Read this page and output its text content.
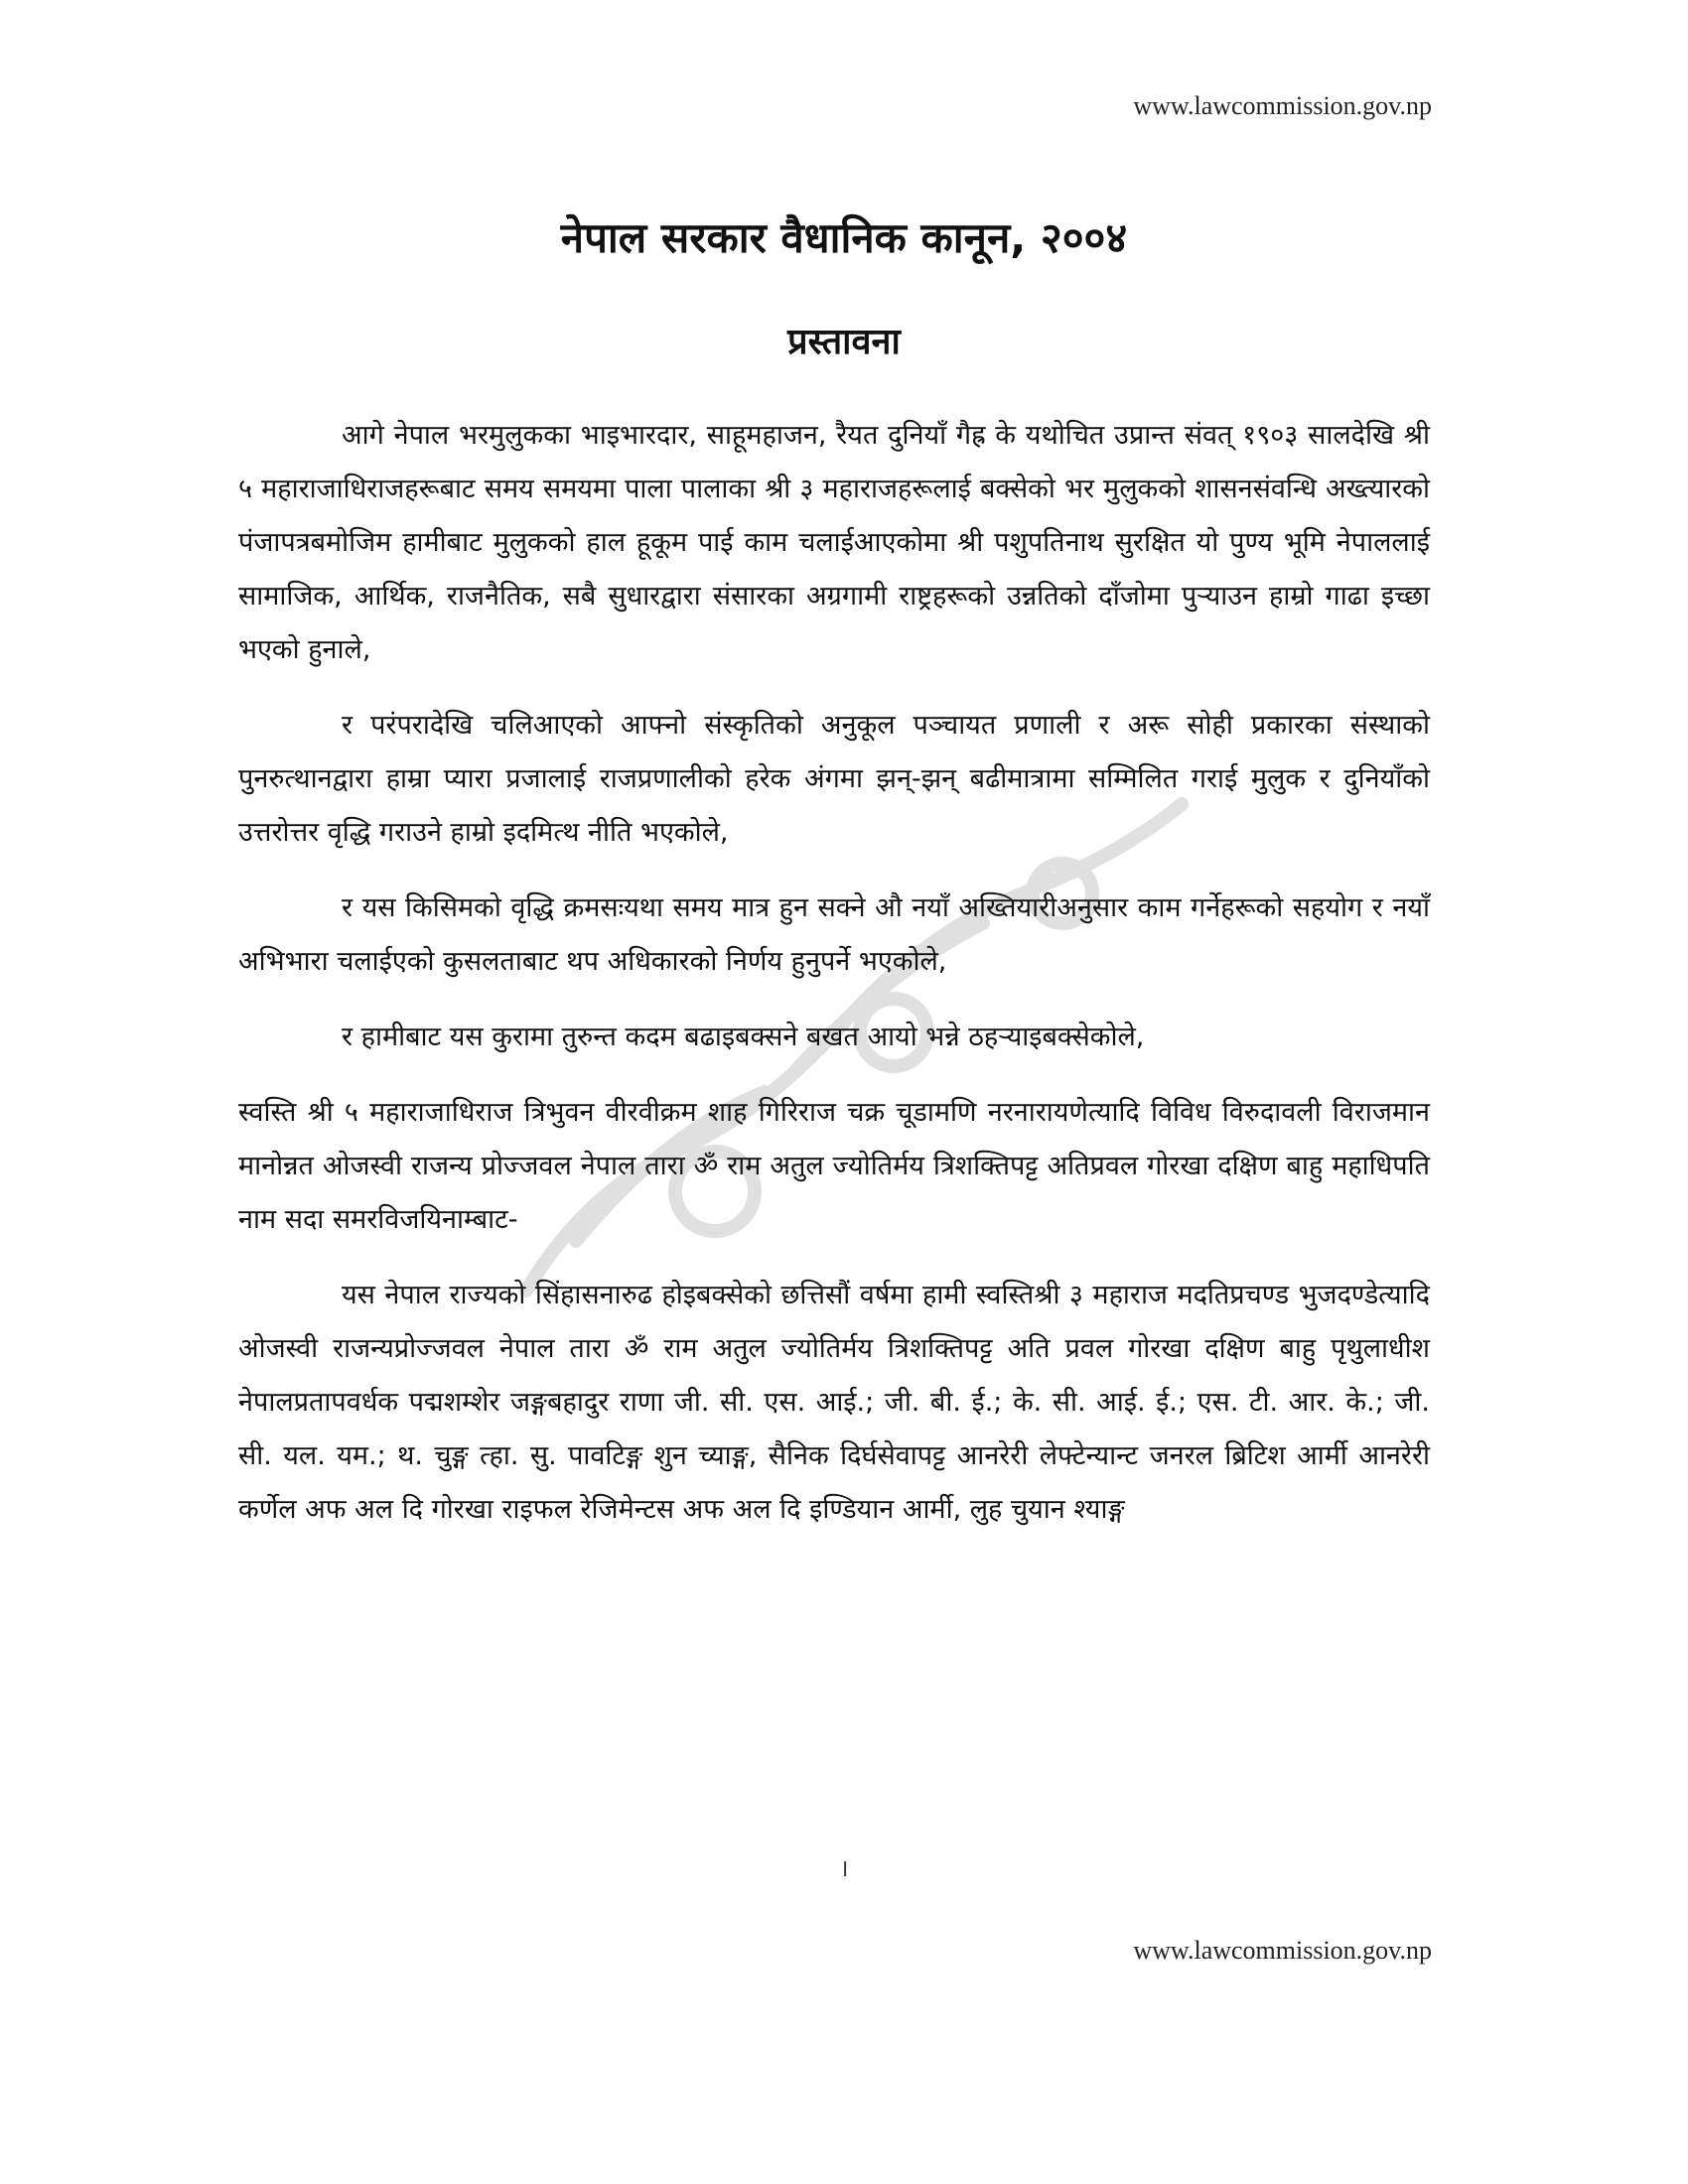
www.lawcommission.gov.np
नेपाल सरकार वैधानिक कानून, २००४
प्रस्तावना

आगे नेपाल भरमुलुकका भाइभारदार, साहूमहाजन, रैयत दुनियाँ गैह्र के यथोचित उप्रान्त संवत् १९०३ सालदेखि श्री ५ महाराजाधिराजहरूबाट समय समयमा पाला पालाका श्री ३ महाराजहरूलाई बक्सेको भर मुलुकको शासनसंवन्धि अख्त्यारको पंजापत्रबमोजिम हामीबाट मुलुकको हाल हूकूम पाई काम चलाईआएकोमा श्री पशुपतिनाथ सुरक्षित यो पुण्य भूमि नेपाललाई सामाजिक, आर्थिक, राजनैतिक, सबै सुधारद्वारा संसारका अग्रगामी राष्ट्रहरूको उन्नतिको दाँजोमा पुऱ्याउन हाम्रो गाढा इच्छा भएको हुनाले,

र परंपरादेखि चलिआएको आफ्नो संस्कृतिको अनुकूल पञ्चायत प्रणाली र अरू सोही प्रकारका संस्थाको पुनरुत्थानद्वारा हाम्रा प्यारा प्रजालाई राजप्रणालीको हरेक अंगमा झन्-झन् बढीमात्रामा सम्मिलित गराई मुलुक र दुनियाँको उत्तरोत्तर वृद्धि गराउने हाम्रो इदमित्थ नीति भएकोले,

र यस किसिमको वृद्धि क्रमसःयथा समय मात्र हुन सक्ने औ नयाँ अख्तियारीअनुसार काम गर्नेहरूको सहयोग र नयाँ अभिभारा चलाईएको कुसलताबाट थप अधिकारको निर्णय हुनुपर्ने भएकोले,

र हामीबाट यस कुरामा तुरुन्त कदम बढाइबक्सने बखत आयो भन्ने ठहऱ्याइबक्सेकोले,

स्वस्ति श्री ५ महाराजाधिराज त्रिभुवन वीरवीक्रम शाह गिरिराज चक्र चूडामणि नरनारायणेत्यादि विविध विरुदावली विराजमान मानोन्नत ओजस्वी राजन्य प्रोज्जवल नेपाल तारा ॐ राम अतुल ज्योतिर्मय त्रिशक्तिपट्ट अतिप्रवल गोरखा दक्षिण बाहु महाधिपति नाम सदा समरविजयिनाम्बाट-

यस नेपाल राज्यको सिंहासनारुढ होइबक्सेको छत्तिसौं वर्षमा हामी स्वस्तिश्री ३ महाराज मदतिप्रचण्ड भुजदण्डेत्यादि ओजस्वी राजन्यप्रोज्जवल नेपाल तारा ॐ राम अतुल ज्योतिर्मय त्रिशक्तिपट्ट अति प्रवल गोरखा दक्षिण बाहु पृथुलाधीश नेपालप्रतापवर्धक पद्मशम्शेर जङ्गबहादुर राणा जी. सी. एस. आई.; जी. बी. ई.; के. सी. आई. ई.; एस. टी. आर. के.; जी. सी. यल. यम.; थ. चुङ्ग त्हा. सु. पावटिङ्ग शुन च्याङ्ग, सैनिक दिर्घसेवापट्ट आनरेरी लेफ्टेन्यान्ट जनरल ब्रिटिश आर्मी आनरेरी कर्णेल अफ अल दि गोरखा राइफल रेजिमेन्टस अफ अल दि इण्डियान आर्मी, लुह चुयान श्याङ्ग

।
www.lawcommission.gov.np
